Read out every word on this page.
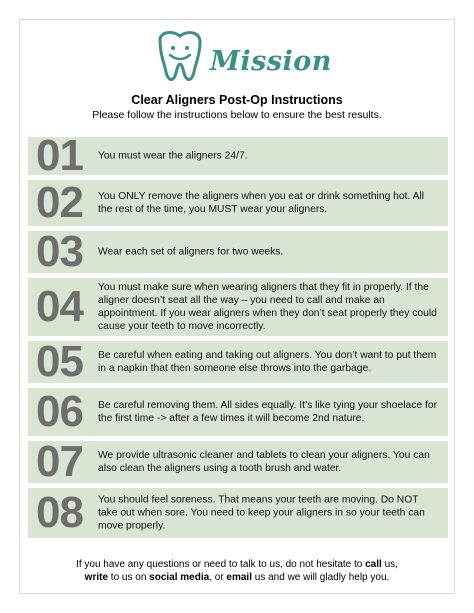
Mission
Clear Aligners Post-Op Instructions
Please follow the instructions below to ensure the best results.
01 You must wear the aligners 24/7.
02 You ONLY remove the aligners when you eat or drink something hot. All the rest of the time, you MUST wear your aligners.
03 Wear each set of aligners for two weeks.
04 You must make sure when wearing aligners that they fit in properly. If the aligner doesn’t seat all the way – you need to call and make an appointment. If you wear aligners when they don’t seat properly they could cause your teeth to move incorrectly.
05 Be careful when eating and taking out aligners. You don’t want to put them in a napkin that then someone else throws into the garbage.
06 Be careful removing them. All sides equally. It’s like tying your shoelace for the first time -> after a few times it will become 2nd nature.
07 We provide ultrasonic cleaner and tablets to clean your aligners. You can also clean the aligners using a tooth brush and water.
08 You should feel soreness. That means your teeth are moving. Do NOT take out when sore. You need to keep your aligners in so your teeth can move properly.
If you have any questions or need to talk to us, do not hesitate to call us,
write to us on social media, or email us and we will gladly help you.
